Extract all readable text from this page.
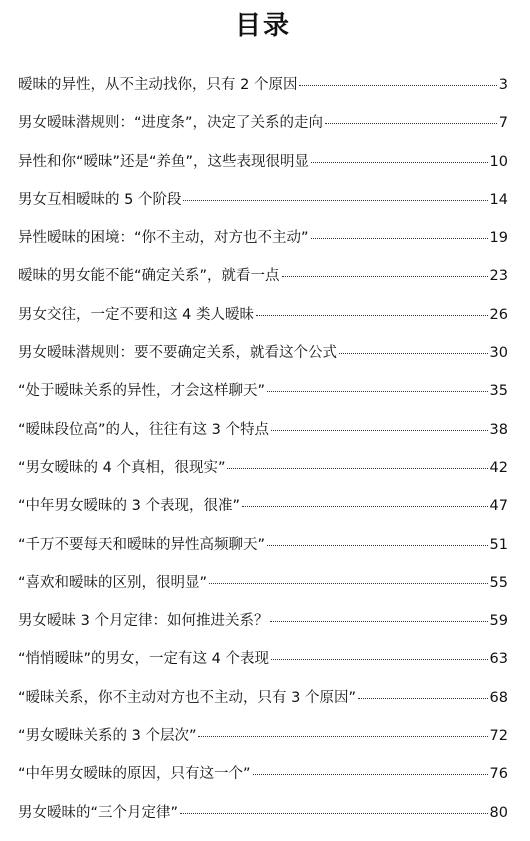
目录
暧昧的异性，从不主动找你，只有 2 个原因	3
男女暧昧潜规则：“进度条”，决定了关系的走向	7
异性和你“暧昧”还是“养鱼”，这些表现很明显	10
男女互相暧昧的 5 个阶段	14
异性暧昧的困境：“你不主动，对方也不主动”	19
暧昧的男女能不能“确定关系”，就看一点	23
男女交往，一定不要和这 4 类人暧昧	26
男女暧昧潜规则：要不要确定关系，就看这个公式	30
“处于暧昧关系的异性，才会这样聊天”	35
“暧昧段位高”的人，往往有这 3 个特点	38
“男女暧昧的 4 个真相，很现实”	42
“中年男女暧昧的 3 个表现，很准”	47
“千万不要每天和暧昧的异性高频聊天”	51
“喜欢和暧昧的区别，很明显”	55
男女暧昧 3 个月定律：如何推进关系？	59
“悄悄暧昧”的男女，一定有这 4 个表现	63
“暧昧关系，你不主动对方也不主动，只有 3 个原因”	68
“男女暧昧关系的 3 个层次”	72
“中年男女暧昧的原因，只有这一个”	76
男女暧昧的“三个月定律”	80
